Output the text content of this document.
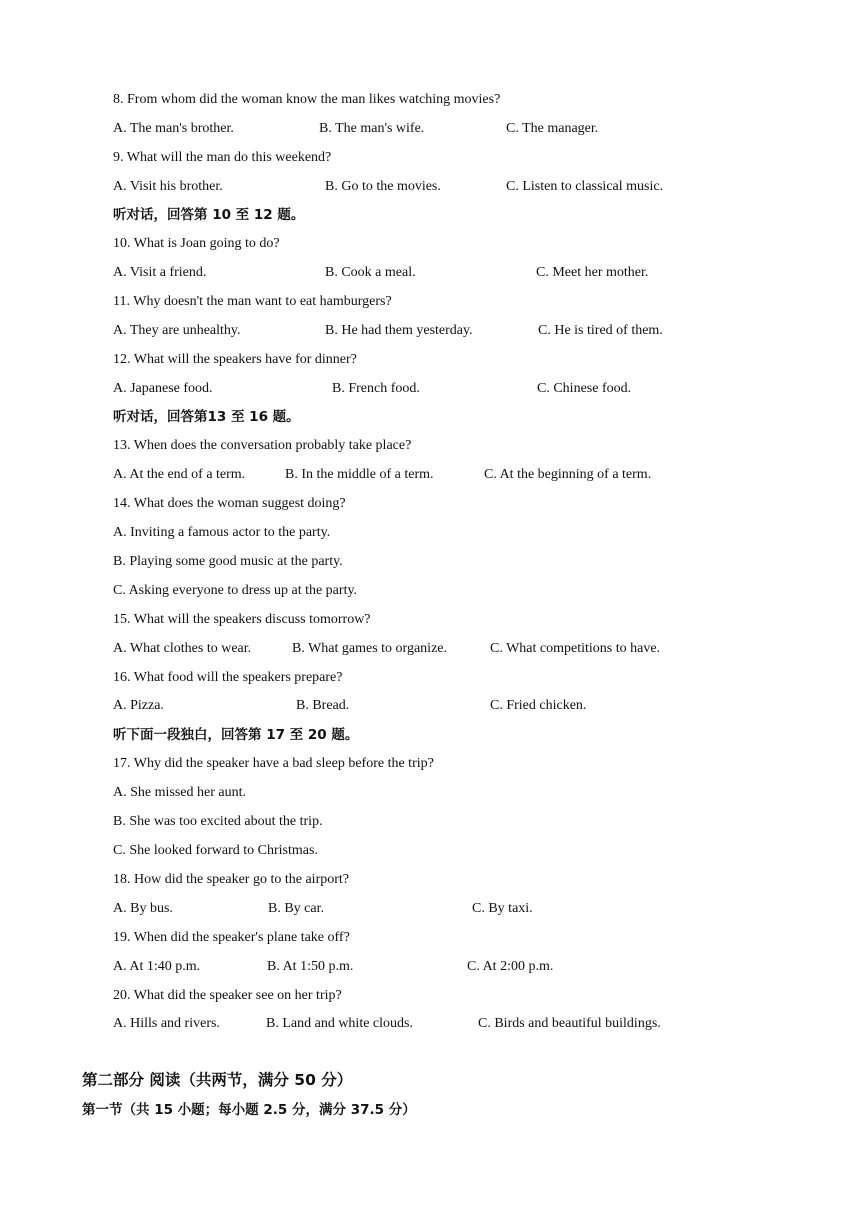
8. From whom did the woman know the man likes watching movies?
A. The man's brother.	B. The man's wife.	C. The manager.
9. What will the man do this weekend?
A. Visit his brother.	B. Go to the movies.	C. Listen to classical music.
听对话，回答第 10 至 12 题。
10. What is Joan going to do?
A. Visit a friend.	B. Cook a meal.	C. Meet her mother.
11. Why doesn't the man want to eat hamburgers?
A. They are unhealthy.	B. He had them yesterday.	C. He is tired of them.
12. What will the speakers have for dinner?
A. Japanese food.	B. French food.	C. Chinese food.
听对话，回答第13 至 16 题。
13. When does the conversation probably take place?
A. At the end of a term.	B. In the middle of a term.	C. At the beginning of a term.
14. What does the woman suggest doing?
A. Inviting a famous actor to the party.
B. Playing some good music at the party.
C. Asking everyone to dress up at the party.
15. What will the speakers discuss tomorrow?
A. What clothes to wear.	B. What games to organize.	C. What competitions to have.
16. What food will the speakers prepare?
A. Pizza.	B. Bread.	C. Fried chicken.
听下面一段独白，回答第 17 至 20 题。
17. Why did the speaker have a bad sleep before the trip?
A. She missed her aunt.
B. She was too excited about the trip.
C. She looked forward to Christmas.
18. How did the speaker go to the airport?
A. By bus.	B. By car.	C. By taxi.
19. When did the speaker's plane take off?
A. At 1:40 p.m.	B. At 1:50 p.m.	C. At 2:00 p.m.
20. What did the speaker see on her trip?
A. Hills and rivers.	B. Land and white clouds.	C. Birds and beautiful buildings.
第二部分 阅读（共两节，满分 50 分）
第一节（共 15 小题；每小题 2.5 分，满分 37.5 分）
